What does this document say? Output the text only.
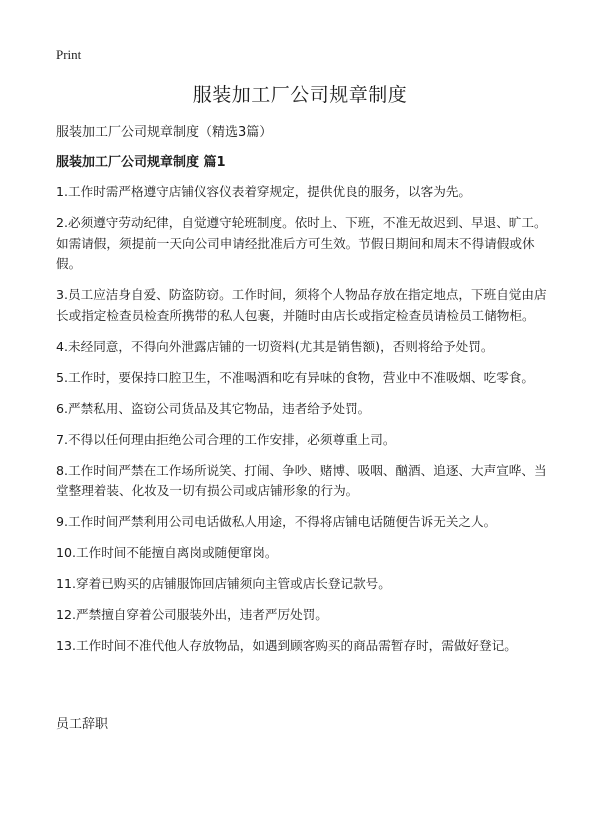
Print
服装加工厂公司规章制度

服装加工厂公司规章制度（精选3篇）

服装加工厂公司规章制度 篇1

1.工作时需严格遵守店铺仪容仪表着穿规定，提供优良的服务，以客为先。
2.必须遵守劳动纪律，自觉遵守轮班制度。依时上、下班，不准无故迟到、早退、旷工。如需请假，须提前一天向公司申请经批准后方可生效。节假日期间和周末不得请假或休假。
3.员工应洁身自爱、防盗防窃。工作时间，须将个人物品存放在指定地点，下班自觉由店长或指定检查员检查所携带的私人包裹，并随时由店长或指定检查员请检员工储物柜。
4.未经同意，不得向外泄露店铺的一切资料(尤其是销售额)，否则将给予处罚。
5.工作时，要保持口腔卫生，不准喝酒和吃有异味的食物，营业中不准吸烟、吃零食。
6.严禁私用、盗窃公司货品及其它物品，违者给予处罚。
7.不得以任何理由拒绝公司合理的工作安排，必须尊重上司。
8.工作时间严禁在工作场所说笑、打闹、争吵、赌博、吸咽、酗酒、追逐、大声宣哗、当堂整理着装、化妆及一切有损公司或店铺形象的行为。
9.工作时间严禁利用公司电话做私人用途，不得将店铺电话随便告诉无关之人。
10.工作时间不能擅自离岗或随便窜岗。
11.穿着已购买的店铺服饰回店铺须向主管或店长登记款号。
12.严禁擅自穿着公司服装外出，违者严厉处罚。
13.工作时间不准代他人存放物品，如遇到顾客购买的商品需暂存时，需做好登记。

员工辞职
